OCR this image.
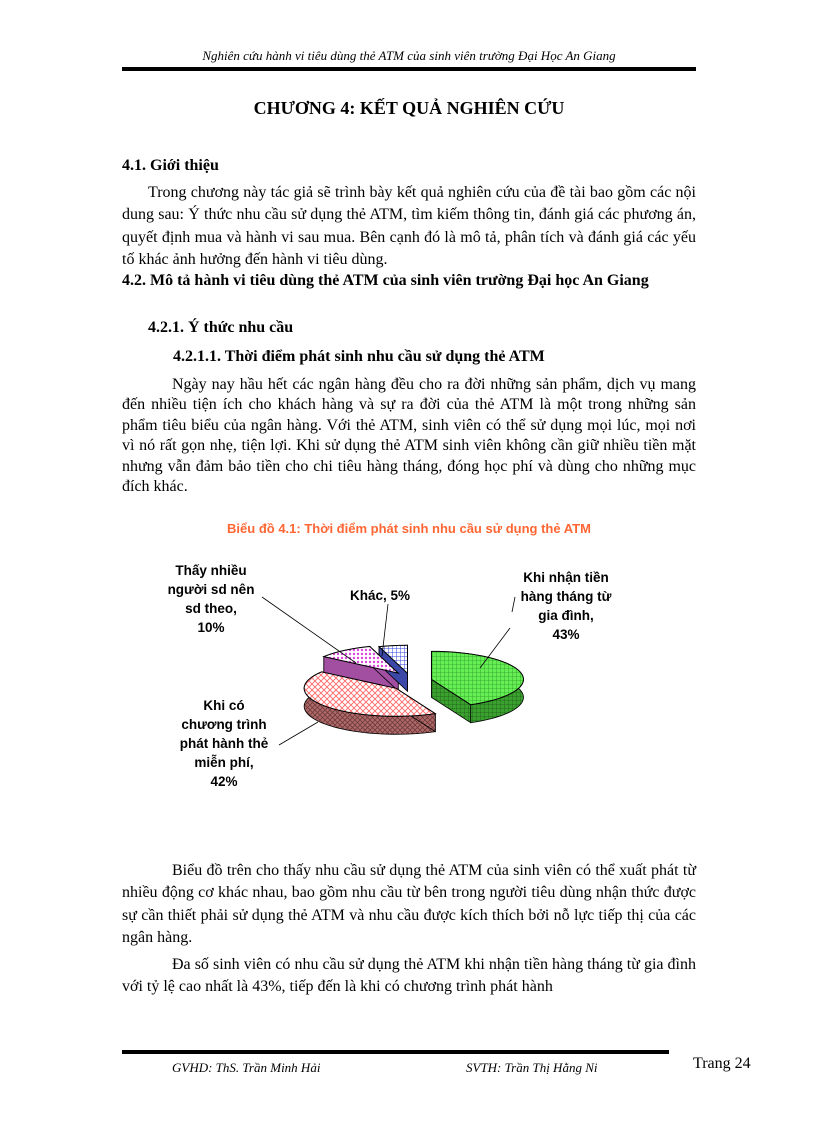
Nghiên cứu hành vi tiêu dùng thẻ ATM của sinh viên trường Đại Học An Giang
CHƯƠNG 4: KẾT QUẢ NGHIÊN CỨU
4.1. Giới thiệu
Trong chương này tác giả sẽ trình bày kết quả nghiên cứu của đề tài bao gồm các nội dung sau: Ý thức nhu cầu sử dụng thẻ ATM, tìm kiếm thông tin, đánh giá các phương án, quyết định mua và hành vi sau mua. Bên cạnh đó là mô tả, phân tích và đánh giá các yếu tố khác ảnh hưởng đến hành vi tiêu dùng.
4.2. Mô tả hành vi tiêu dùng thẻ ATM của sinh viên trường Đại học An Giang
4.2.1. Ý thức nhu cầu
4.2.1.1. Thời điểm phát sinh nhu cầu sử dụng thẻ ATM
Ngày nay hầu hết các ngân hàng đều cho ra đời những sản phẩm, dịch vụ mang đến nhiều tiện ích cho khách hàng và sự ra đời của thẻ ATM là một trong những sản phẩm tiêu biểu của ngân hàng. Với thẻ ATM, sinh viên có thể sử dụng mọi lúc, mọi nơi vì nó rất gọn nhẹ, tiện lợi. Khi sử dụng thẻ ATM sinh viên không cần giữ nhiều tiền mặt nhưng vẫn đảm bảo tiền cho chi tiêu hàng tháng, đóng học phí và dùng cho những mục đích khác.
Biểu đồ 4.1: Thời điểm phát sinh nhu cầu sử dụng thẻ ATM
Khi nhận tiền
hàng tháng từ
gia đình,
43%
Khác, 5%
Thấy nhiều
người sd nên
sd theo,
10%
Khi có
chương trình
phát hành thẻ
miễn phí,
42%
Biểu đồ trên cho thấy nhu cầu sử dụng thẻ ATM của sinh viên có thể xuất phát từ nhiều động cơ khác nhau, bao gồm nhu cầu từ bên trong người tiêu dùng nhận thức được sự cần thiết phải sử dụng thẻ ATM và nhu cầu được kích thích bởi nỗ lực tiếp thị của các ngân hàng.
Đa số sinh viên có nhu cầu sử dụng thẻ ATM khi nhận tiền hàng tháng từ gia đình với tỷ lệ cao nhất là 43%, tiếp đến là khi có chương trình phát hành
GVHD: ThS. Trần Minh Hải	SVTH: Trần Thị Hằng Ni	Trang 24
